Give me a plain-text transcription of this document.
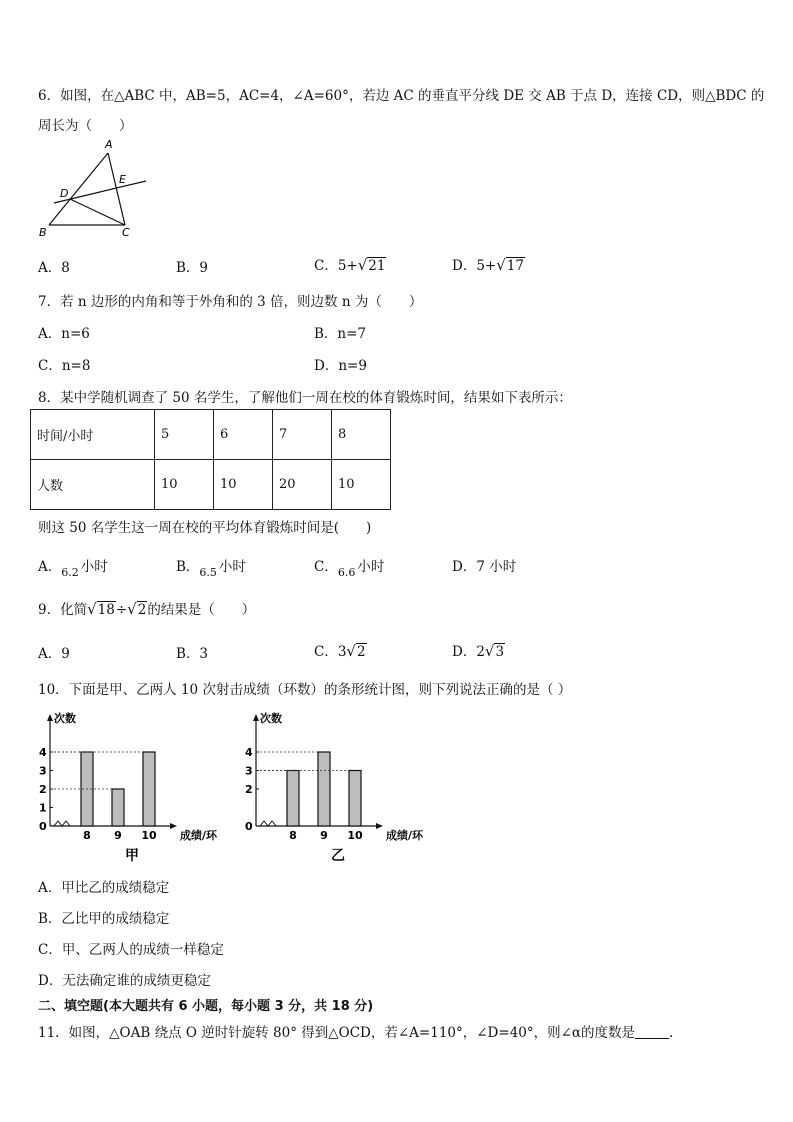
6．如图，在△ABC 中，AB=5，AC=4，∠A=60°，若边 AC 的垂直平分线 DE 交 AB 于点 D，连接 CD，则△BDC 的
周长为（　　）
A
B	C
D
E
A．8	B．9	C．5+√21	D．5+√17
7．若 n 边形的内角和等于外角和的 3 倍，则边数 n 为（　　）
A．n=6	B．n=7
C．n=8	D．n=9
8．某中学随机调查了 50 名学生，了解他们一周在校的体育锻炼时间，结果如下表所示：
时间/小时	5	6	7	8
人数	10	10	20	10
则这 50 名学生这一周在校的平均体育锻炼时间是(　　)
A．$_{6.2}$ 小时	B．$_{6.5}$ 小时	C．$_{6.6}$ 小时	D．7 小时
9．化简√18÷√2的结果是（　　）
A．9	B．3	C．3√2	D．2√3
10．下面是甲、乙两人 10 次射击成绩（环数）的条形统计图，则下列说法正确的是（ ）
次数
0
1
2
3
4
8 9 10 成绩/环
甲
次数
0
2
3
4
8 9 10 成绩/环
乙
A．甲比乙的成绩稳定
B．乙比甲的成绩稳定
C．甲、乙两人的成绩一样稳定
D．无法确定谁的成绩更稳定
二、填空题(本大题共有 6 小题，每小题 3 分，共 18 分)
11．如图，△OAB 绕点 O 逆时针旋转 80° 得到△OCD，若∠A=110°，∠D=40°，则∠α的度数是	.
